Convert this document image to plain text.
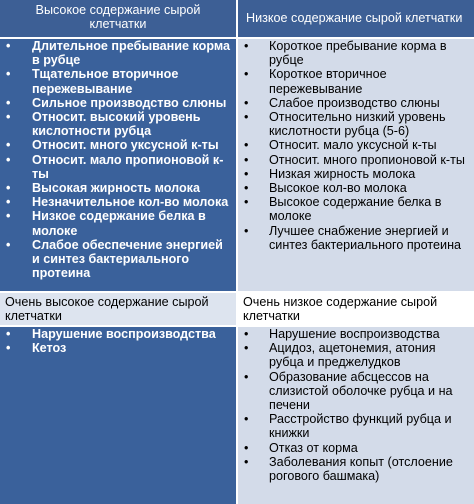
Высокое содержание сырой клетчатки	Низкое содержание сырой клетчатки
• Длительное пребывание корма в рубце
• Тщательное вторичное пережевывание
• Сильное производство слюны
• Относит. высокий уровень кислотности рубца
• Относит. много уксусной к-ты
• Относит. мало пропионовой к-ты
• Высокая жирность молока
• Незначительное кол-во молока
• Низкое содержание белка в молоке
• Слабое обеспечение энергией и синтез бактериального протеина
• Короткое пребывание корма в рубце
• Короткое вторичное пережевывание
• Слабое производство слюны
• Относительно низкий уровень кислотности рубца (5-6)
• Относит. мало уксусной к-ты
• Относит. много пропионовой к-ты
• Низкая жирность молока
• Высокое кол-во молока
• Высокое содержание белка в молоке
• Лучшее снабжение энергией и синтез бактериального протеина
Очень высокое содержание сырой клетчатки
Очень низкое содержание сырой клетчатки
• Нарушение воспроизводства
• Кетоз
• Нарушение воспроизводства
• Ацидоз, ацетонемия, атония рубца и преджелудков
• Образование абсцессов на слизистой оболочке рубца и на печени
• Расстройство функций рубца и книжки
• Отказ от корма
• Заболевания копыт (отслоение рогового башмака)
